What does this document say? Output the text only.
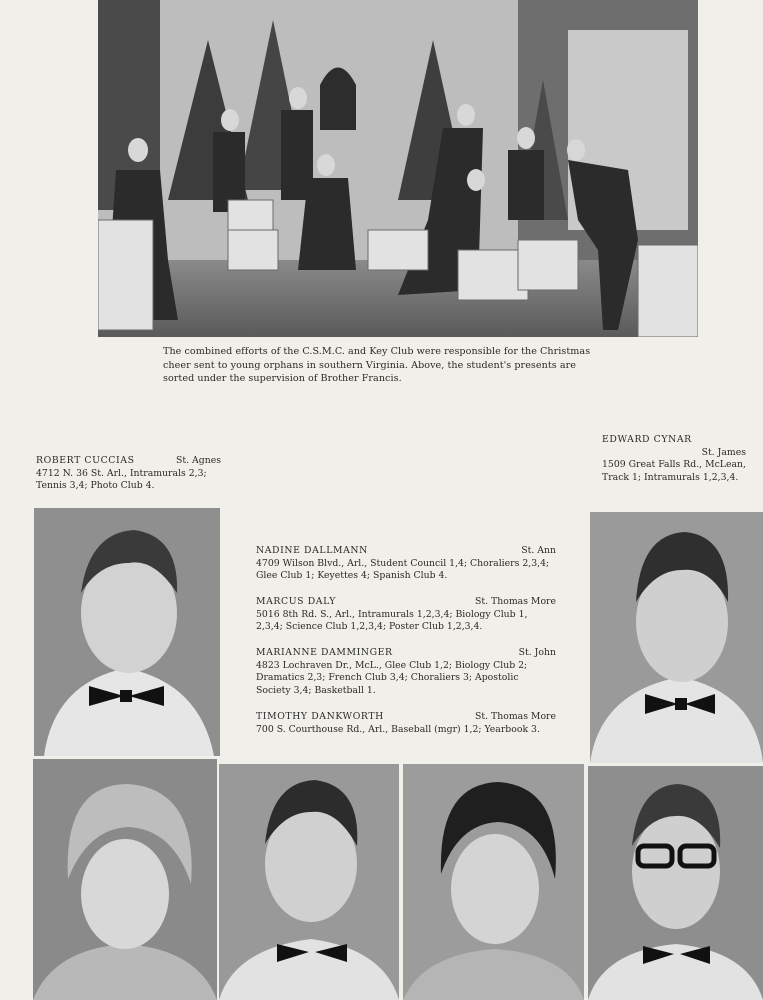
The combined efforts of the C.S.M.C. and Key Club were responsible for the Christmas cheer sent to young orphans in southern Virginia. Above, the student's presents are sorted under the supervision of Brother Francis.
ROBERT CUCCIAS	St. Agnes
4712 N. 36 St. Arl., Intramurals 2,3; Tennis 3,4; Photo Club 4.
EDWARD CYNAR
St. James
1509 Great Falls Rd., McLean, Track 1; Intramurals 1,2,3,4.
NADINE DALLMANN	St. Ann
4709 Wilson Blvd., Arl., Student Council 1,4; Choraliers 2,3,4; Glee Club 1; Keyettes 4; Spanish Club 4.
MARCUS DALY	St. Thomas More
5016 8th Rd. S., Arl., Intramurals 1,2,3,4; Biology Club 1, 2,3,4; Science Club 1,2,3,4; Poster Club 1,2,3,4.
MARIANNE DAMMINGER	St. John
4823 Lochraven Dr., McL., Glee Club 1,2; Biology Club 2; Dramatics 2,3; French Club 3,4; Choraliers 3; Apostolic Society 3,4; Basketball 1.
TIMOTHY DANKWORTH	St. Thomas More
700 S. Courthouse Rd., Arl., Baseball (mgr) 1,2; Yearbook 3.
